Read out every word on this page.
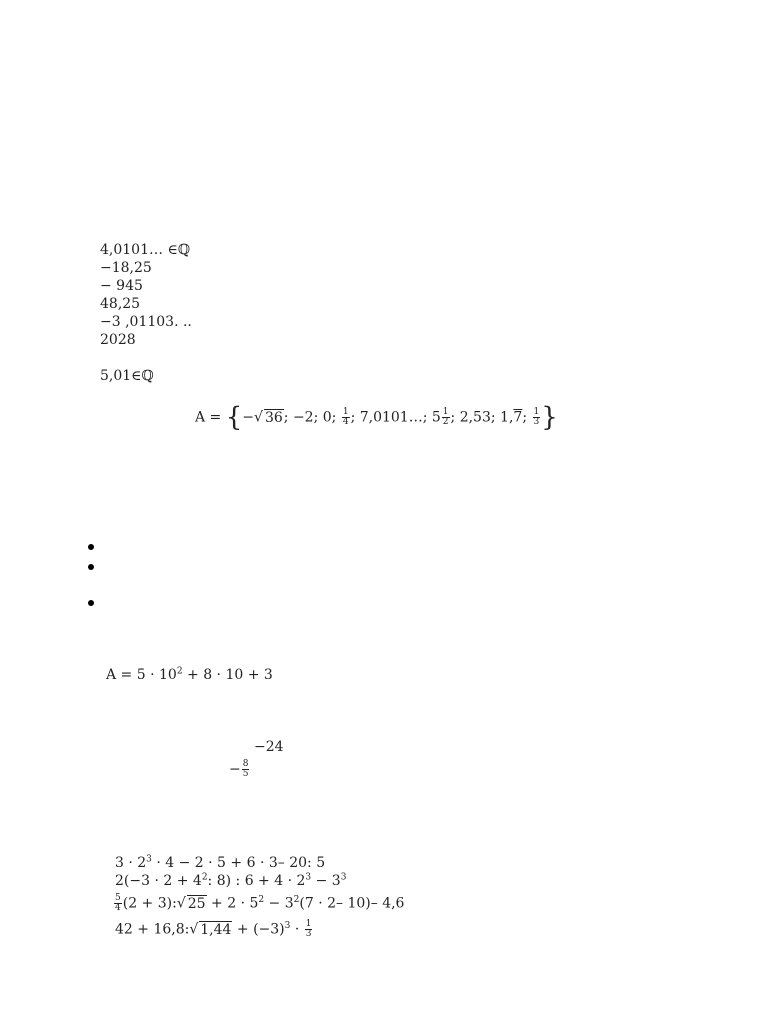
4,0101… ∈ℚ
−18,25
− 945
48,25
−3 ,01103. ..
2028
5,01∈ℚ
A = {−√ 36; −2; 0; $\frac{1}{4}$ ; 7,0101…; $5 \frac{1}{2}$ ; 2,53; 1,7; $\frac{1}{3}$ }
$A = 5 \cdot 10^2 + 8 \cdot 10 + 3$
−24
− $\frac{8}{5}$
$3 \cdot 2^3 \cdot 4 - 2 \cdot 5 + 6 \cdot 3-$ 20: 5
$2(-3 \cdot 2 + 4^2$: 8) : $6 + 4 \cdot 2^3 - 3^3$
$\frac{5}{4} (2$ + 3):√ $25 + 2 \cdot 5^2 - 3^2(7 \cdot 2-$ 10)– 4,6
42 + 16,8:√ $1,44 + (-3)^3 \cdot \frac{1}{3}$
